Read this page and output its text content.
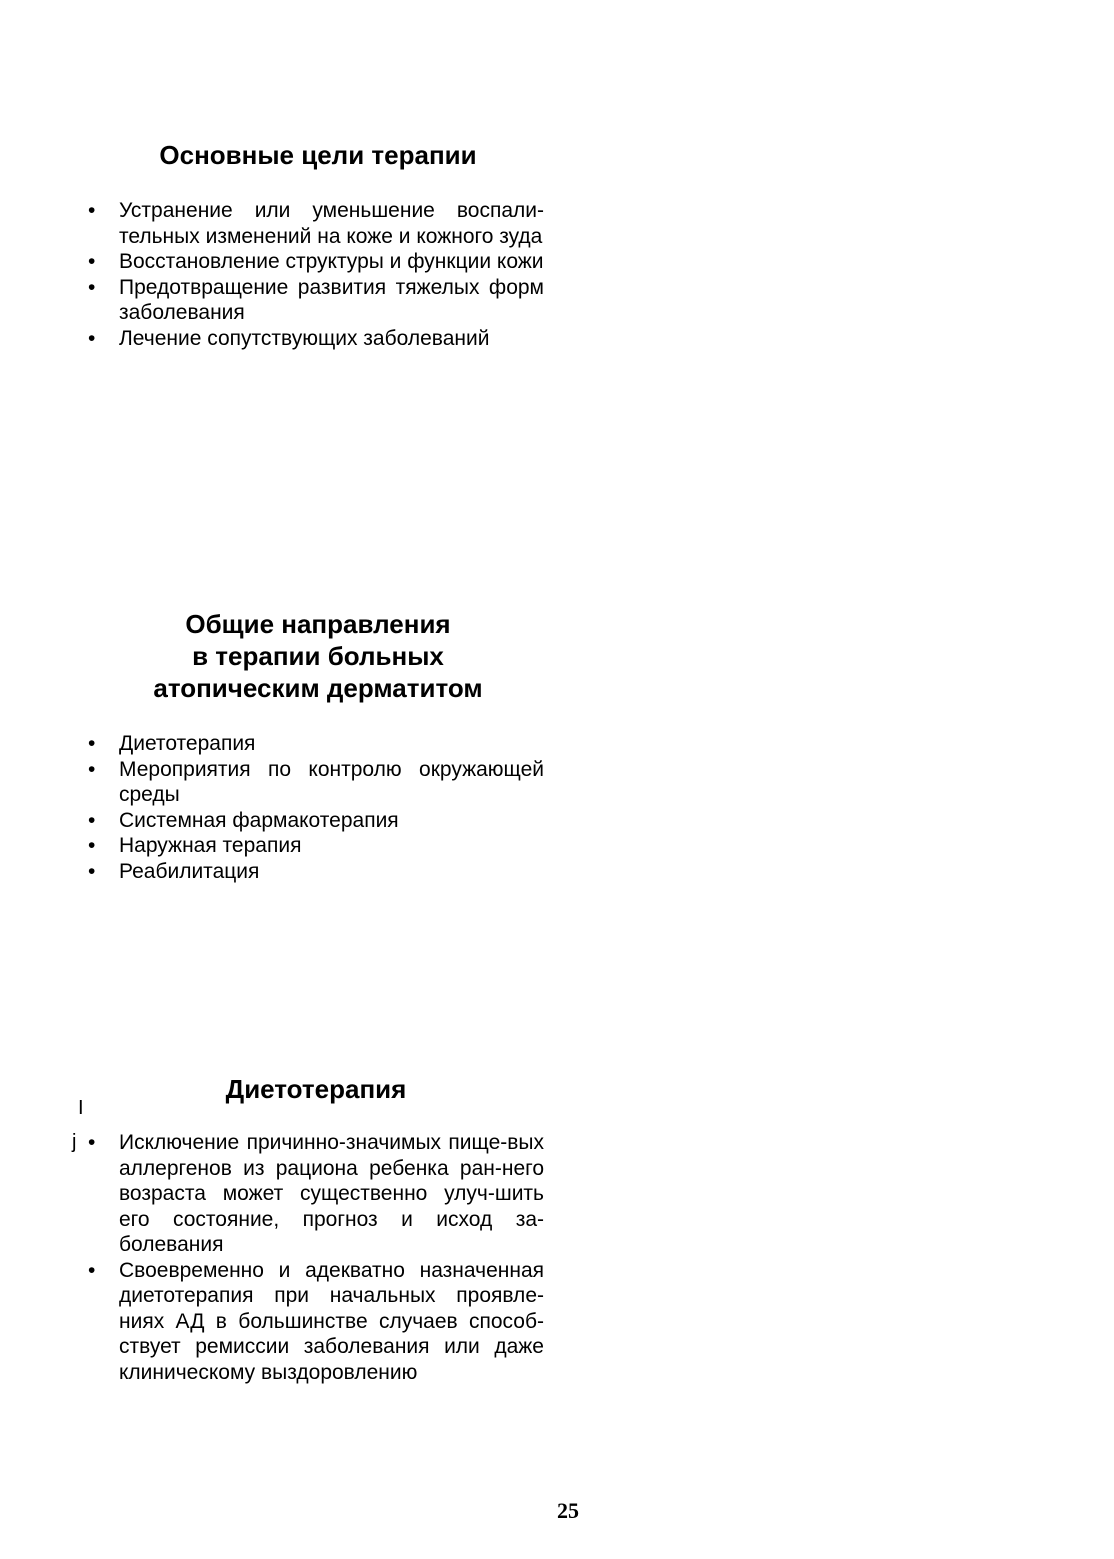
Основные цели терапии
•	Устранение или уменьшение воспали-тельных изменений на коже и кожного зуда
•	Восстановление структуры и функции кожи
•	Предотвращение развития тяжелых форм заболевания
•	Лечение сопутствующих заболеваний
Общие направления
в терапии больных
атопическим дерматитом
•	Диетотерапия
•	Мероприятия по контролю окружающей среды
•	Системная фармакотерапия
•	Наружная терапия
•	Реабилитация
Диетотерапия
I
j •	Исключение причинно-значимых пище-вых аллергенов из рациона ребенка ран-него возраста может существенно улуч-шить его состояние, прогноз и исход за-болевания
•	Своевременно и адекватно назначенная диетотерапия при начальных проявле-ниях АД в большинстве случаев способ-ствует ремиссии заболевания или даже клиническому выздоровлению
25
